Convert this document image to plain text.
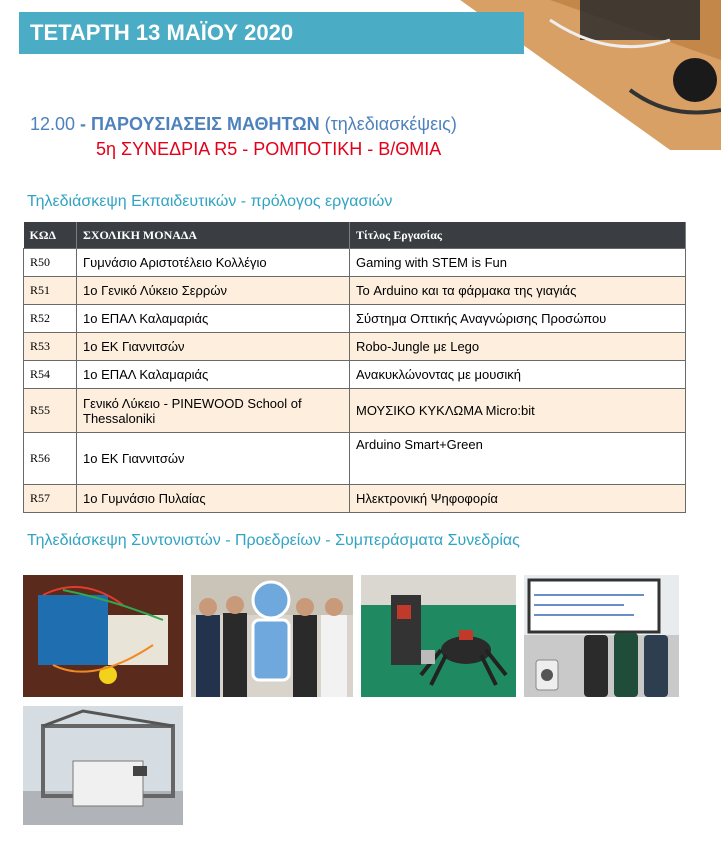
ΤΕΤΑΡΤΗ 13 ΜΑΪΟΥ 2020
12.00 - ΠΑΡΟΥΣΙΑΣΕΙΣ ΜΑΘΗΤΩΝ (τηλεδιασκέψεις)
5η ΣΥΝΕΔΡΙΑ R5 - ΡΟΜΠΟΤΙΚΗ - Β/ΘΜΙΑ
Τηλεδιάσκεψη Εκπαιδευτικών - πρόλογος εργασιών
ΚΩΔ	ΣΧΟΛΙΚΗ ΜΟΝΑΔΑ	Τίτλος Εργασίας
R50	Γυμνάσιο Αριστοτέλειο Κολλέγιο	Gaming with STEM is Fun
R51	1ο Γενικό Λύκειο Σερρών	Το Arduino και τα φάρμακα της γιαγιάς
R52	1ο ΕΠΑΛ Καλαμαριάς	Σύστημα Οπτικής Αναγνώρισης Προσώπου
R53	1ο ΕΚ Γιαννιτσών	Robo-Jungle με Lego
R54	1ο ΕΠΑΛ Καλαμαριάς	Ανακυκλώνοντας με μουσική
R55	Γενικό Λύκειο - PINEWOOD School of Thessaloniki	ΜΟΥΣΙΚΟ ΚΥΚΛΩΜΑ Micro:bit
R56	1ο ΕΚ Γιαννιτσών	Arduino Smart+Green
R57	1ο Γυμνάσιο Πυλαίας	Ηλεκτρονική Ψηφοφορία
Τηλεδιάσκεψη Συντονιστών - Προεδρείων - Συμπεράσματα Συνεδρίας
